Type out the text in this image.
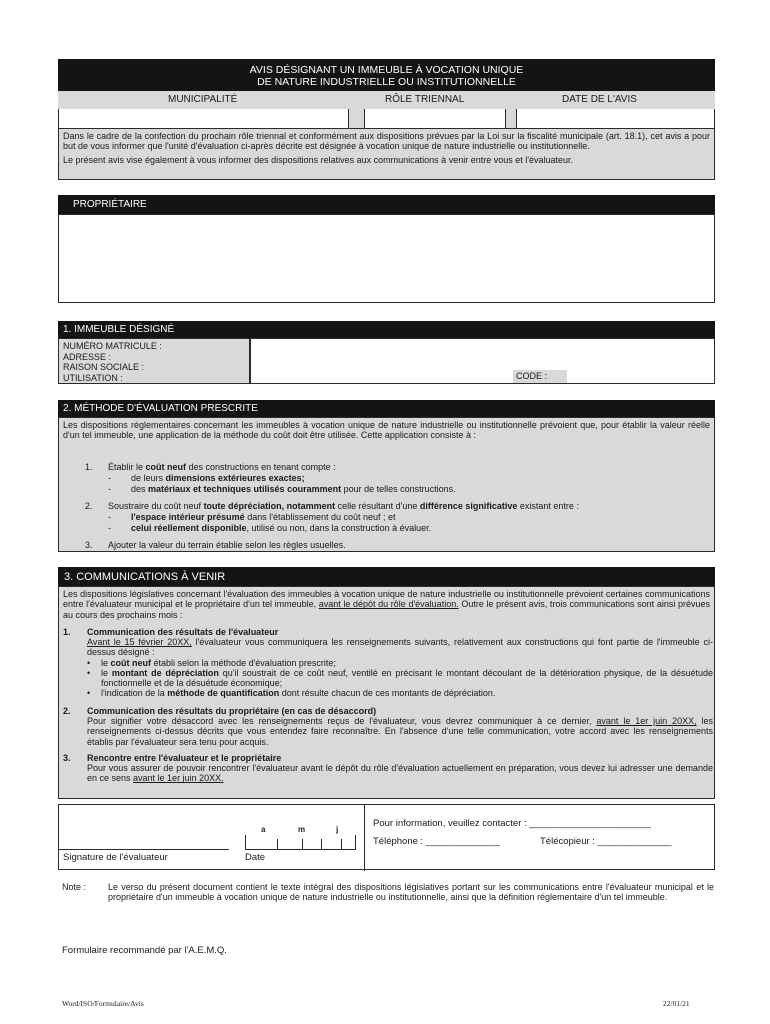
AVIS DÉSIGNANT UN IMMEUBLE À VOCATION UNIQUE
DE NATURE INDUSTRIELLE OU INSTITUTIONNELLE
MUNICIPALITÉ	RÔLE TRIENNAL	DATE DE L'AVIS

Dans le cadre de la confection du prochain rôle triennal et conformément aux dispositions prévues par la Loi sur la fiscalité municipale (art. 18.1), cet avis a pour but de vous informer que l'unité d'évaluation ci-après décrite est désignée à vocation unique de nature industrielle ou institutionnelle.

Le présent avis vise également à vous informer des dispositions relatives aux communications à venir entre vous et l'évaluateur.

PROPRIÉTAIRE
1. IMMEUBLE DÉSIGNÉ
NUMÉRO MATRICULE :
ADRESSE :
RAISON SOCIALE :
UTILISATION :	CODE :
2. MÉTHODE D'ÉVALUATION PRESCRITE

Les dispositions réglementaires concernant les immeubles à vocation unique de nature industrielle ou institutionnelle prévoient que, pour établir la valeur réelle d'un tel immeuble, une application de la méthode du coût doit être utilisée. Cette application consiste à :

1. Établir le coût neuf des constructions en tenant compte :
- de leurs dimensions extérieures exactes;
- des matériaux et techniques utilisés couramment pour de telles constructions.
2. Soustraire du coût neuf toute dépréciation, notamment celle résultant d'une différence significative existant entre :
- l'espace intérieur présumé dans l'établissement du coût neuf ; et
- celui réellement disponible, utilisé ou non, dans la construction à évaluer.
3. Ajouter la valeur du terrain établie selon les règles usuelles.
3. COMMUNICATIONS À VENIR

Les dispositions législatives concernant l'évaluation des immeubles à vocation unique de nature industrielle ou institutionnelle prévoient certaines communications entre l'évaluateur municipal et le propriétaire d'un tel immeuble, avant le dépôt du rôle d'évaluation. Outre le présent avis, trois communications sont ainsi prévues au cours des prochains mois :

1. Communication des résultats de l'évaluateur

Avant le 15 février 20XX, l'évaluateur vous communiquera les renseignements suivants, relativement aux constructions qui font partie de l'immeuble ci-dessus désigné :

• le coût neuf établi selon la méthode d'évaluation prescrite;
• le montant de dépréciation qu'il soustrait de ce coût neuf, ventilé en précisant le montant découlant de la détérioration physique, de la désuétude fonctionnelle et de la désuétude économique;
• l'indication de la méthode de quantification dont résulte chacun de ces montants de dépréciation.
2. Communication des résultats du propriétaire (en cas de désaccord)

Pour signifier votre désaccord avec les renseignements reçus de l'évaluateur, vous devrez communiquer à ce dernier, avant le 1er juin 20XX, les renseignements ci-dessus décrits que vous entendez faire reconnaître. En l'absence d'une telle communication, votre accord avec les renseignements établis par l'évaluateur sera tenu pour acquis.

3. Rencontre entre l'évaluateur et le propriétaire

Pour vous assurer de pouvoir rencontrer l'évaluateur avant le dépôt du rôle d'évaluation actuellement en préparation, vous devez lui adresser une demande en ce sens avant le 1er juin 20XX.

Signature de l'évaluateur
a	m	j
Date
Pour information, veuillez contacter : _______________________
Téléphone : ______________	Télécopieur : ______________
Note : Le verso du présent document contient le texte intégral des dispositions législatives portant sur les communications entre l'évaluateur municipal et le propriétaire d'un immeuble à vocation unique de nature industrielle ou institutionnelle, ainsi que la définition réglementaire d'un tel immeuble.

Formulaire recommandé par l'A.E.M.Q.
Word/ISO/Formulaire/Avis	22/01/21
